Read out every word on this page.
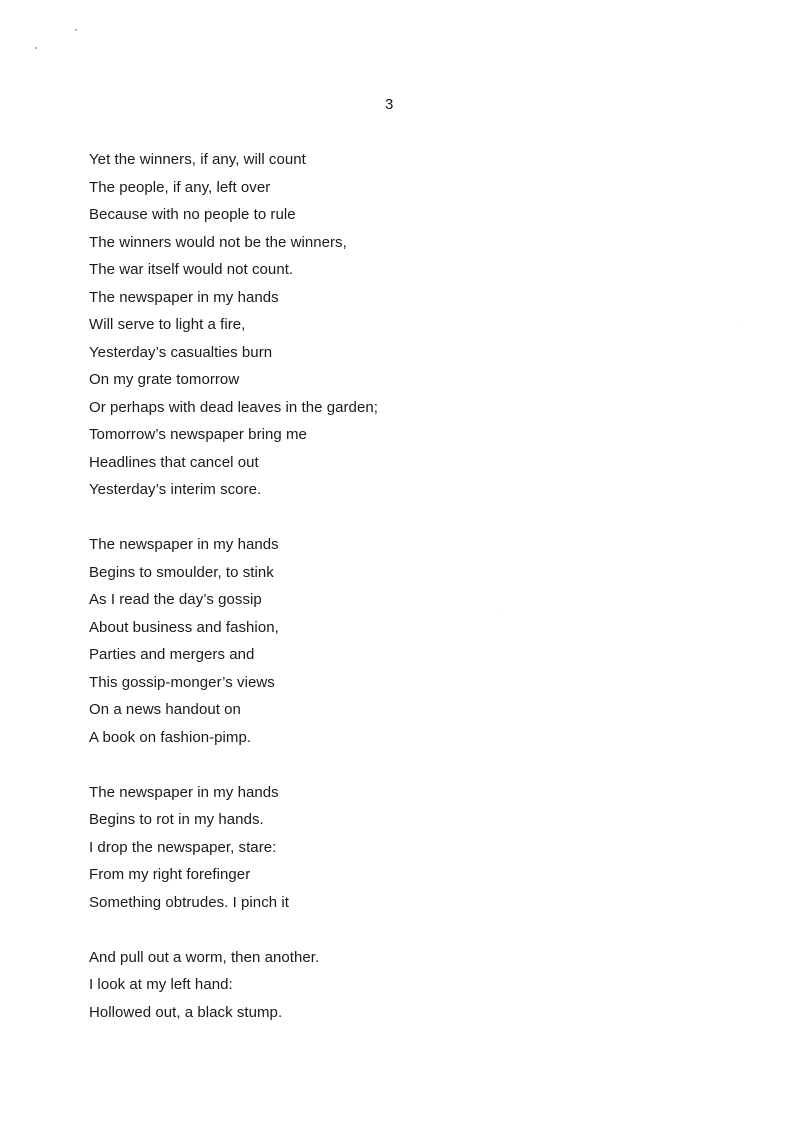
3
Yet the winners, if any, will count
The people, if any, left over
Because with no people to rule
The winners would not be the winners,
The war itself would not count.
The newspaper in my hands
Will serve to light a fire,
Yesterday’s casualties burn
On my grate tomorrow
Or perhaps with dead leaves in the garden;
Tomorrow’s newspaper bring me
Headlines that cancel out
Yesterday’s interim score.
The newspaper in my hands
Begins to smoulder, to stink
As I read the day’s gossip
About business and fashion,
Parties and mergers and
This gossip-monger’s views
On a news handout on
A book on fashion-pimp.
The newspaper in my hands
Begins to rot in my hands.
I drop the newspaper, stare:
From my right forefinger
Something obtrudes. I pinch it
And pull out a worm, then another.
I look at my left hand:
Hollowed out, a black stump.
